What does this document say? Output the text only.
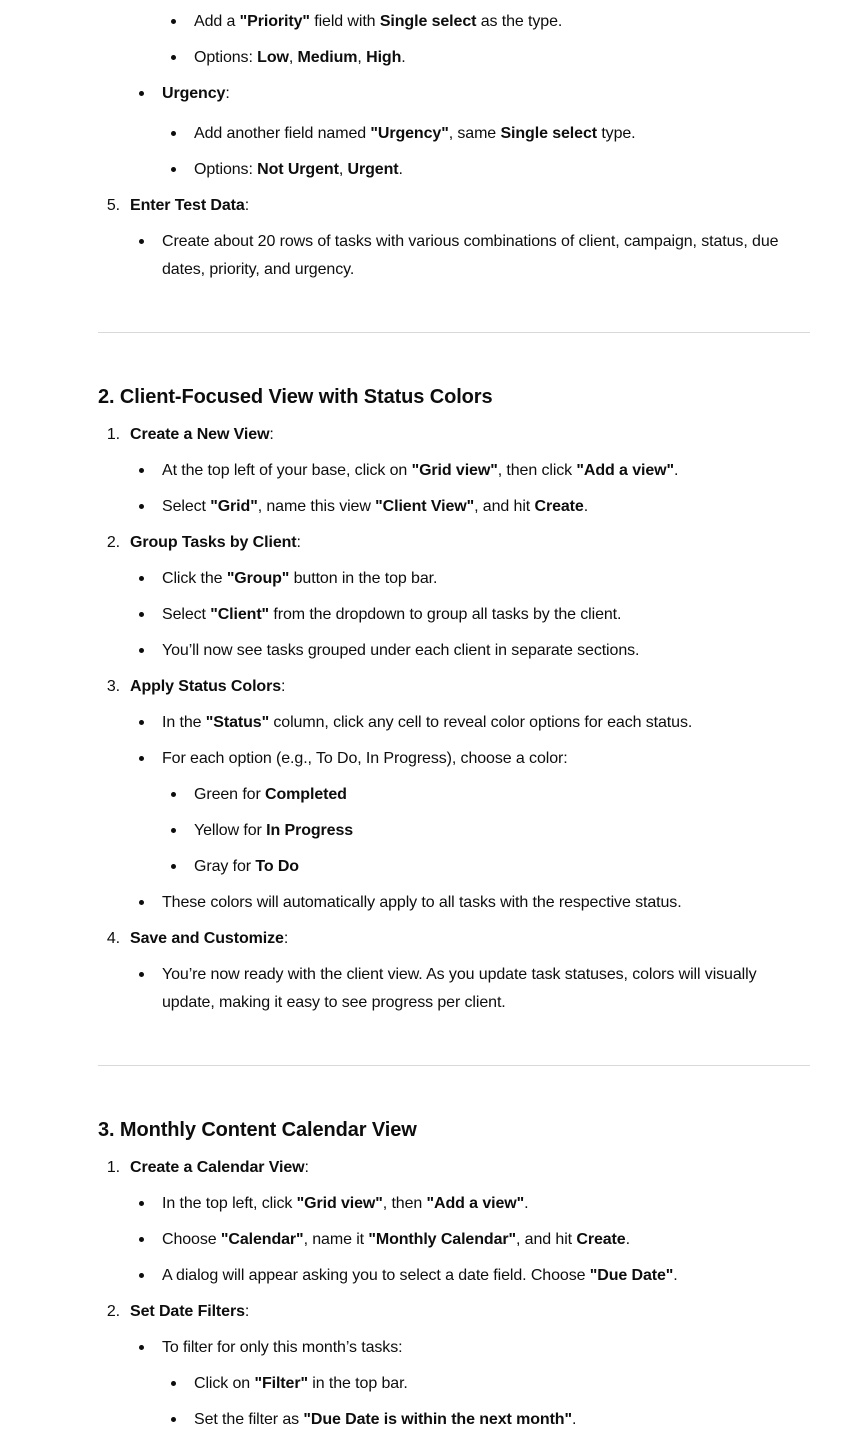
Add a "Priority" field with Single select as the type.
Options: Low, Medium, High.
Urgency:
Add another field named "Urgency", same Single select type.
Options: Not Urgent, Urgent.
5. Enter Test Data:
Create about 20 rows of tasks with various combinations of client, campaign, status, due
dates, priority, and urgency.
2. Client-Focused View with Status Colors
1. Create a New View:
At the top left of your base, click on "Grid view", then click "Add a view".
Select "Grid", name this view "Client View", and hit Create.
2. Group Tasks by Client:
Click the "Group" button in the top bar.
Select "Client" from the dropdown to group all tasks by the client.
You’ll now see tasks grouped under each client in separate sections.
3. Apply Status Colors:
In the "Status" column, click any cell to reveal color options for each status.
For each option (e.g., To Do, In Progress), choose a color:
Green for Completed
Yellow for In Progress
Gray for To Do
These colors will automatically apply to all tasks with the respective status.
4. Save and Customize:
You’re now ready with the client view. As you update task statuses, colors will visually
update, making it easy to see progress per client.
3. Monthly Content Calendar View
1. Create a Calendar View:
In the top left, click "Grid view", then "Add a view".
Choose "Calendar", name it "Monthly Calendar", and hit Create.
A dialog will appear asking you to select a date field. Choose "Due Date".
2. Set Date Filters:
To filter for only this month’s tasks:
Click on "Filter" in the top bar.
Set the filter as "Due Date is within the next month".
